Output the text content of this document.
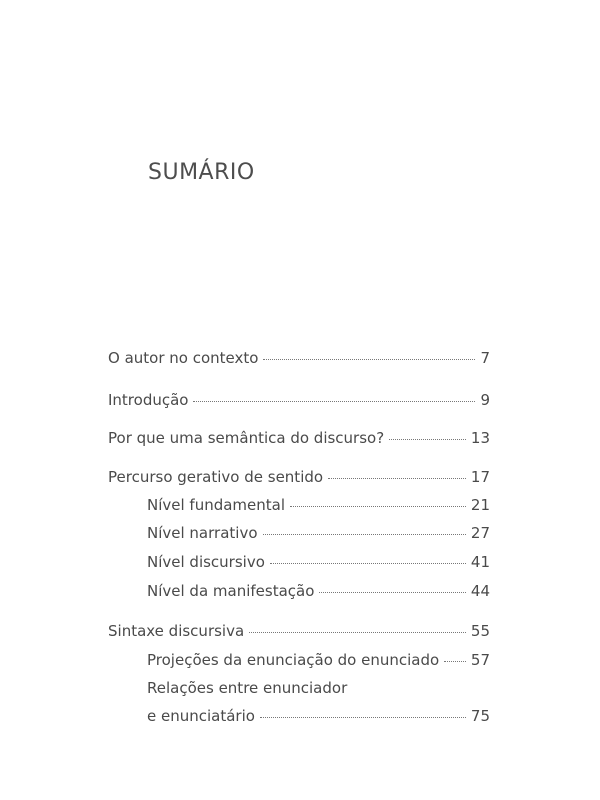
SUMÁRIO
O autor no contexto	7
Introdução	9
Por que uma semântica do discurso?	13
Percurso gerativo de sentido	17
Nível fundamental	21
Nível narrativo	27
Nível discursivo	41
Nível da manifestação	44
Sintaxe discursiva	55
Projeções da enunciação do enunciado 57
Relações entre enunciador
e enunciatário	75
